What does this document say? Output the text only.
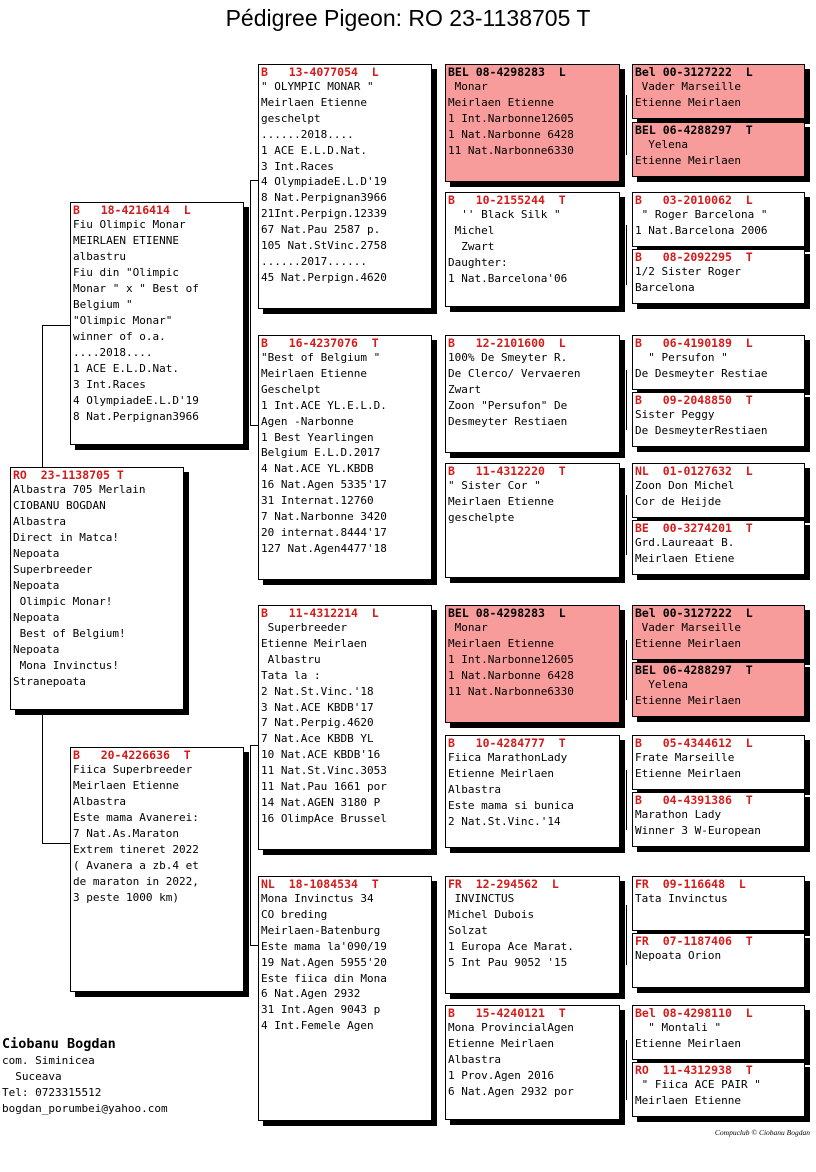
Pédigree Pigeon: RO 23-1138705 T
RO  23-1138705 T
Albastra 705 Merlain
CIOBANU BOGDAN
Albastra
Direct in Matca!
Nepoata
Superbreeder
Nepoata
Olimpic Monar!
Nepoata
Best of Belgium!
Nepoata
Mona Invinctus!
Stranepoata
B   18-4216414  L
Fiu Olimpic Monar
MEIRLAEN ETIENNE
albastru
Fiu din "Olimpic
Monar " x " Best of
Belgium "
"Olimpic Monar"
winner of o.a.
....2018....
1 ACE E.L.D.Nat.
3 Int.Races
4 OlympiadeE.L.D'19
8 Nat.Perpignan3966
B   20-4226636  T
Fiica Superbreeder
Meirlaen Etienne
Albastra
Este mama Avanerei:
7 Nat.As.Maraton
Extrem tineret 2022
( Avanera a zb.4 et
de maraton in 2022,
3 peste 1000 km)
B   13-4077054  L
" OLYMPIC MONAR "
Meirlaen Etienne
geschelpt
......2018....
1 ACE E.L.D.Nat.
3 Int.Races
4 OlympiadeE.L.D'19
8 Nat.Perpignan3966
21Int.Perpign.12339
67 Nat.Pau 2587 p.
105 Nat.StVinc.2758
......2017......
45 Nat.Perpign.4620
B   16-4237076  T
"Best of Belgium "
Meirlaen Etienne
Geschelpt
1 Int.ACE YL.E.L.D.
Agen -Narbonne
1 Best Yearlingen
Belgium E.L.D.2017
4 Nat.ACE YL.KBDB
16 Nat.Agen 5335'17
31 Internat.12760
7 Nat.Narbonne 3420
20 internat.8444'17
127 Nat.Agen4477'18
B   11-4312214  L
Superbreeder
Etienne Meirlaen
Albastru
Tata la :
2 Nat.St.Vinc.'18
3 Nat.ACE KBDB'17
7 Nat.Perpig.4620
7 Nat.Ace KBDB YL
10 Nat.ACE KBDB'16
11 Nat.St.Vinc.3053
11 Nat.Pau 1661 por
14 Nat.AGEN 3180 P
16 OlimpAce Brussel
NL  18-1084534  T
Mona Invinctus 34
CO breding
Meirlaen-Batenburg
Este mama la'090/19
19 Nat.Agen 5955'20
Este fiica din Mona
6 Nat.Agen 2932
31 Int.Agen 9043 p
4 Int.Femele Agen
BEL 08-4298283  L
Monar
Meirlaen Etienne
1 Int.Narbonne12605
1 Nat.Narbonne 6428
11 Nat.Narbonne6330
B   10-2155244  T
'' Black Silk "
Michel
Zwart
Daughter:
1 Nat.Barcelona'06
B   12-2101600  L
100% De Smeyter R.
De Clerco/ Vervaeren
Zwart
Zoon "Persufon" De
Desmeyter Restiaen
B   11-4312220  T
" Sister Cor "
Meirlaen Etienne
geschelpte
BEL 08-4298283  L
Monar
Meirlaen Etienne
1 Int.Narbonne12605
1 Nat.Narbonne 6428
11 Nat.Narbonne6330
B   10-4284777  T
Fiica MarathonLady
Etienne Meirlaen
Albastra
Este mama si bunica
2 Nat.St.Vinc.'14
FR  12-294562  L
INVINCTUS
Michel Dubois
Solzat
1 Europa Ace Marat.
5 Int Pau 9052 '15
B   15-4240121  T
Mona ProvincialAgen
Etienne Meirlaen
Albastra
1 Prov.Agen 2016
6 Nat.Agen 2932 por
Bel 00-3127222  L
Vader Marseille
Etienne Meirlaen
BEL 06-4288297  T
Yelena
Etienne Meirlaen
B   03-2010062  L
" Roger Barcelona "
1 Nat.Barcelona 2006
B   08-2092295  T
1/2 Sister Roger
Barcelona
B   06-4190189  L
" Persufon "
De Desmeyter Restiae
B   09-2048850  T
Sister Peggy
De DesmeyterRestiaen
NL  01-0127632  L
Zoon Don Michel
Cor de Heijde
BE  00-3274201  T
Grd.Laureaat B.
Meirlaen Etiene
Bel 00-3127222  L
Vader Marseille
Etienne Meirlaen
BEL 06-4288297  T
Yelena
Etienne Meirlaen
B   05-4344612  L
Frate Marseille
Etienne Meirlaen
B   04-4391386  T
Marathon Lady
Winner 3 W-European
FR  09-116648  L
Tata Invinctus
FR  07-1187406  T
Nepoata Orion
Bel 08-4298110  L
" Montali "
Etienne Meirlaen
RO  11-4312938  T
" Fiica ACE PAIR "
Meirlaen Etienne
Ciobanu Bogdan
com. Siminicea
Suceava
Tel: 0723315512
bogdan_porumbei@yahoo.com
Compuclub © Ciobanu Bogdan
